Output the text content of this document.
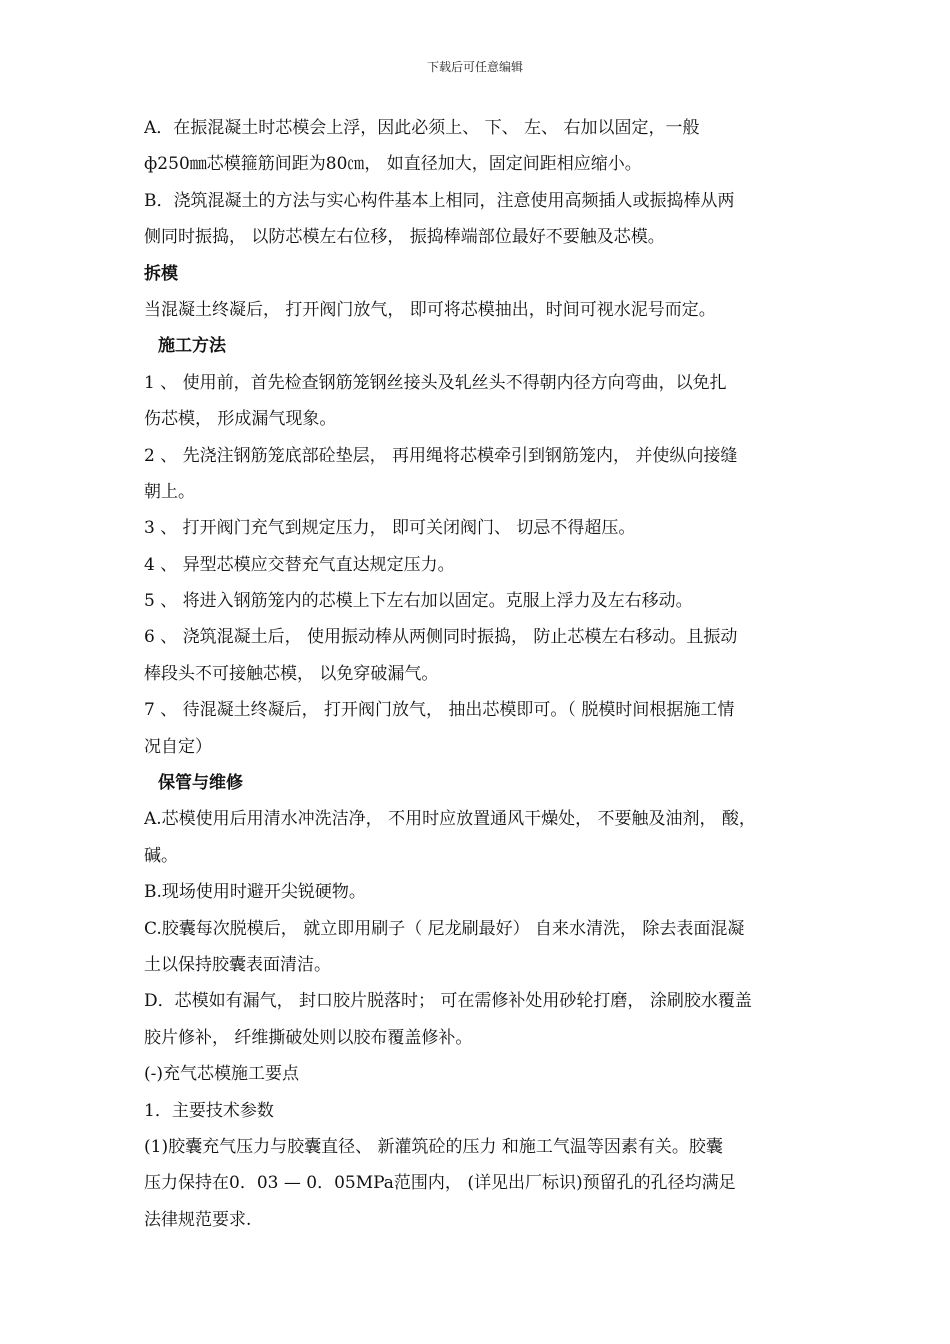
下载后可任意编辑
A．在振混凝土时芯模会上浮，因此必须上、 下、 左、 右加以固定，一般
ф250㎜芯模箍筋间距为80㎝， 如直径加大，固定间距相应缩小。
B．浇筑混凝土的方法与实心构件基本上相同，注意使用高频插人或振捣棒从两
侧同时振捣， 以防芯模左右位移， 振捣棒端部位最好不要触及芯模。
拆模
当混凝土终凝后， 打开阀门放气， 即可将芯模抽出，时间可视水泥号而定。
施工方法
1 、 使用前，首先检查钢筋笼钢丝接头及轧丝头不得朝内径方向弯曲，以免扎
伤芯模， 形成漏气现象。
2 、 先浇注钢筋笼底部砼垫层， 再用绳将芯模牵引到钢筋笼内， 并使纵向接缝
朝上。
3 、 打开阀门充气到规定压力， 即可关闭阀门、 切忌不得超压。
4 、 异型芯模应交替充气直达规定压力。
5 、 将进入钢筋笼内的芯模上下左右加以固定。克服上浮力及左右移动。
6 、 浇筑混凝土后， 使用振动棒从两侧同时振捣， 防止芯模左右移动。且振动
棒段头不可接触芯模， 以免穿破漏气。
7 、 待混凝土终凝后， 打开阀门放气， 抽出芯模即可。（ 脱模时间根据施工情
况自定）
保管与维修
A.芯模使用后用清水冲洗洁净， 不用时应放置通风干燥处， 不要触及油剂， 酸，
碱。
B.现场使用时避开尖锐硬物。
C.胶囊每次脱模后， 就立即用刷子（ 尼龙刷最好） 自来水清洗， 除去表面混凝
土以保持胶囊表面清洁。
D．芯模如有漏气， 封口胶片脱落时； 可在需修补处用砂轮打磨， 涂刷胶水覆盖
胶片修补， 纤维撕破处则以胶布覆盖修补。
(-)充气芯模施工要点
1．主要技术参数
(1)胶囊充气压力与胶囊直径、 新灌筑砼的压力 和施工气温等因素有关。胶囊
压力保持在0．03 — 0．05MPa范围内， (详见出厂标识)预留孔的孔径均满足
法律规范要求.
